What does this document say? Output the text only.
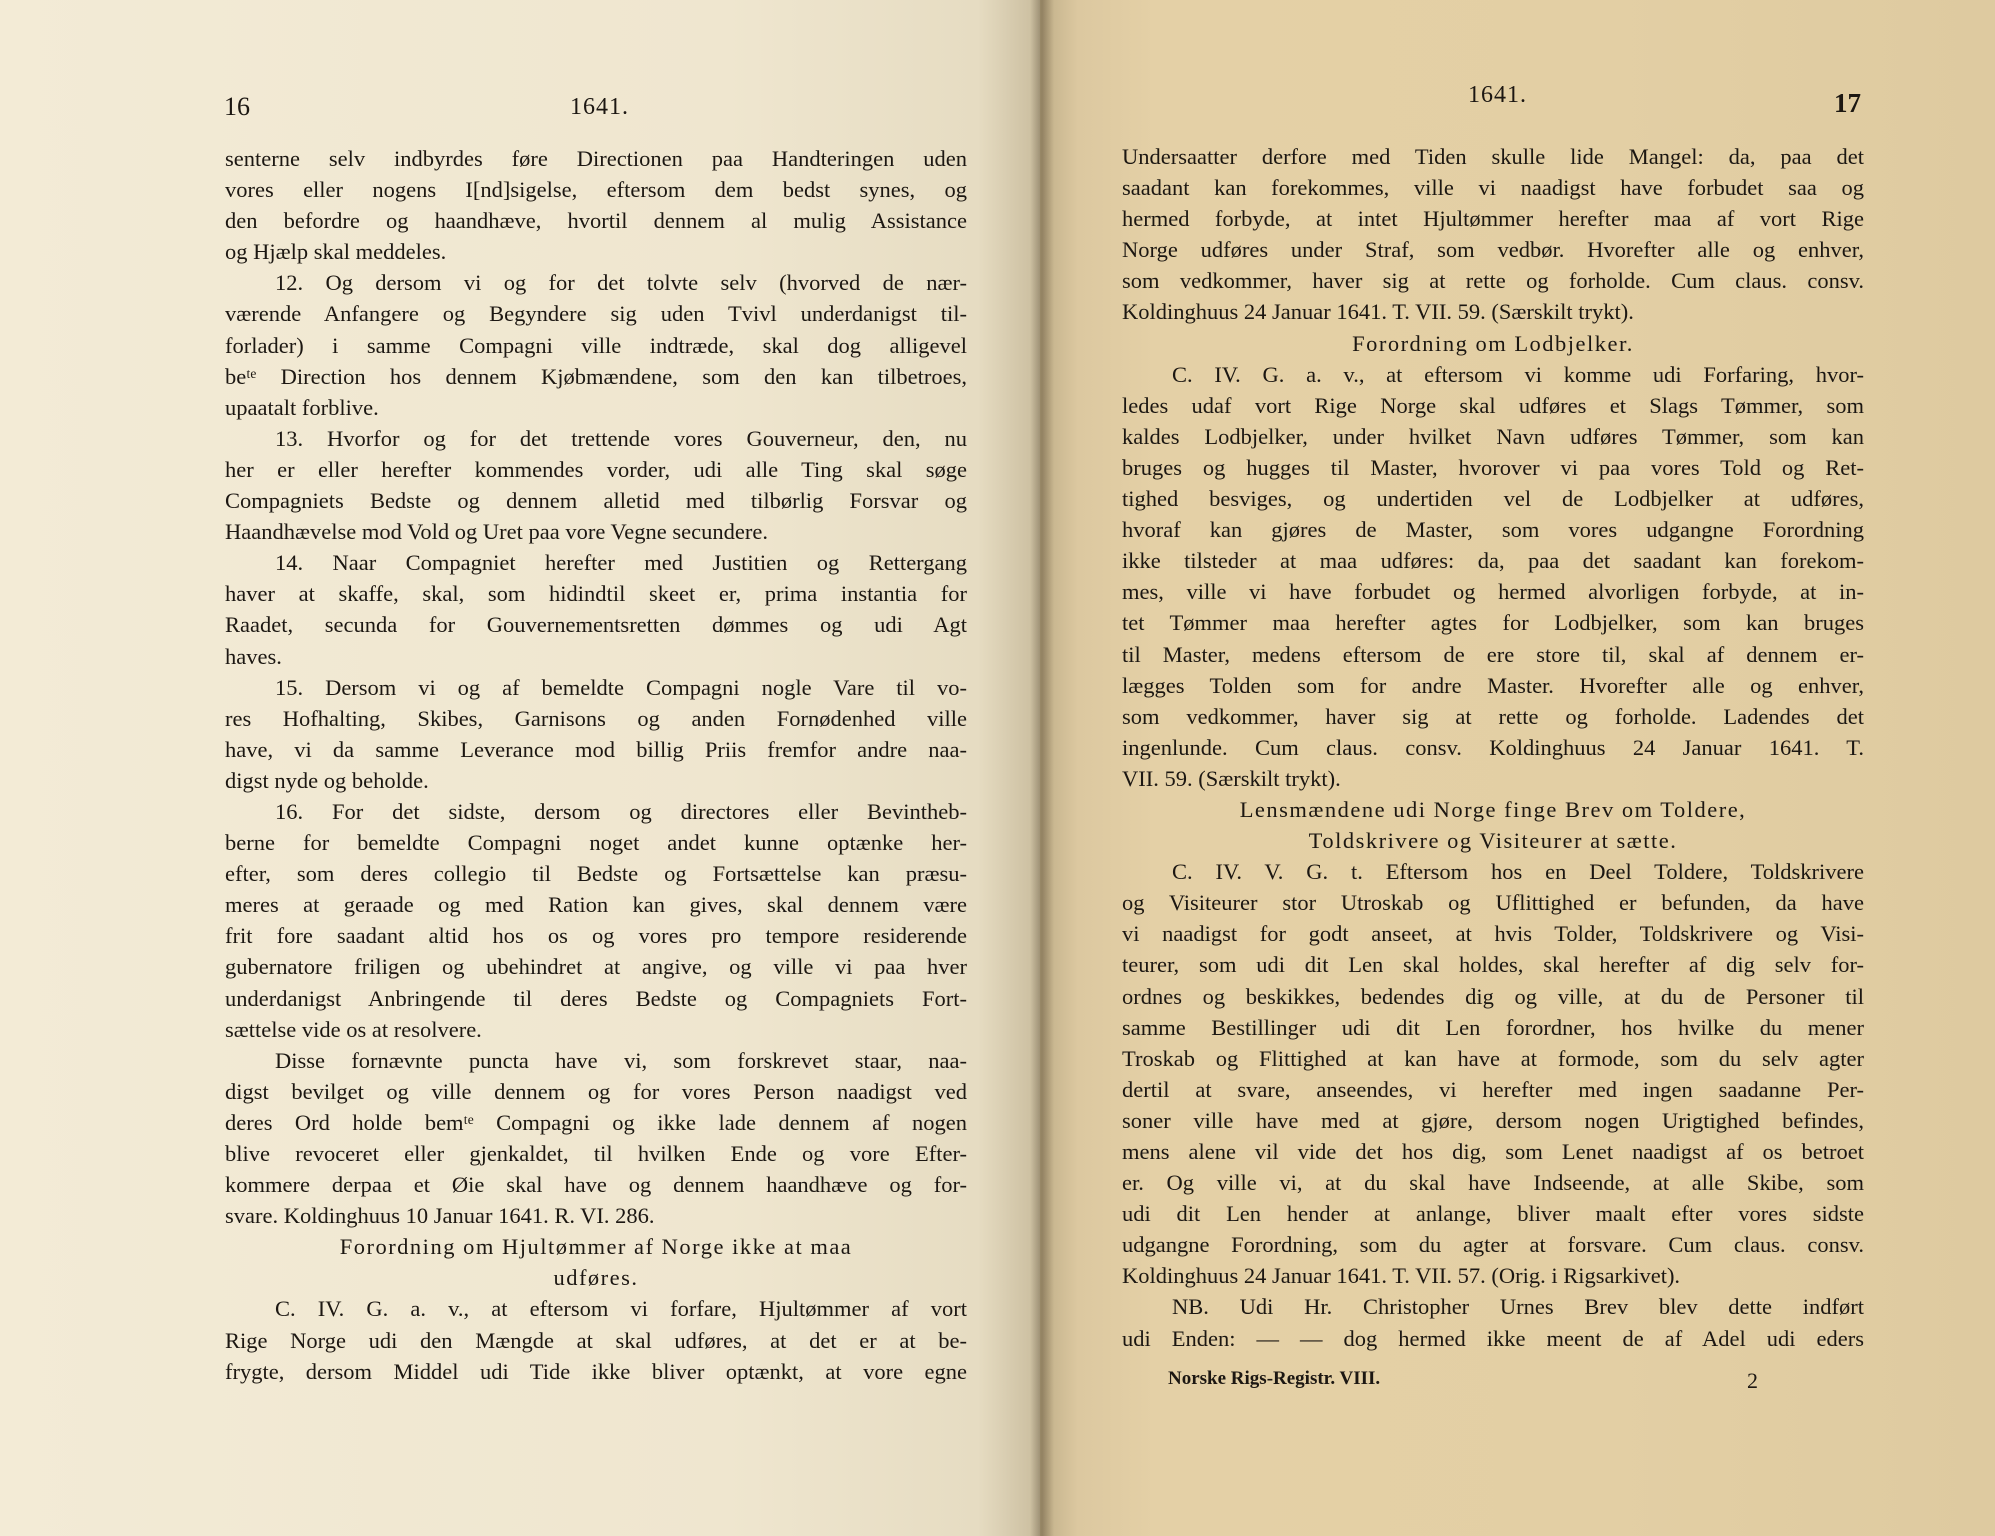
16	1641.
senterne selv indbyrdes føre Directionen paa Handteringen uden
vores eller nogens I[nd]sigelse, eftersom dem bedst synes, og
den befordre og haandhæve, hvortil dennem al mulig Assistance
og Hjælp skal meddeles.
12. Og dersom vi og for det tolvte selv (hvorved de nær-
værende Anfangere og Begyndere sig uden Tvivl underdanigst til-
forlader) i samme Compagni ville indtræde, skal dog alligevel
beᵗᵉ Direction hos dennem Kjøbmændene, som den kan tilbetroes,
upaatalt forblive.
13. Hvorfor og for det trettende vores Gouverneur, den, nu
her er eller herefter kommendes vorder, udi alle Ting skal søge
Compagniets Bedste og dennem alletid med tilbørlig Forsvar og
Haandhævelse mod Vold og Uret paa vore Vegne secundere.
14. Naar Compagniet herefter med Justitien og Rettergang
haver at skaffe, skal, som hidindtil skeet er, prima instantia for
Raadet, secunda for Gouvernementsretten dømmes og udi Agt
haves.
15. Dersom vi og af bemeldte Compagni nogle Vare til vo-
res Hofhalting, Skibes, Garnisons og anden Fornødenhed ville
have, vi da samme Leverance mod billig Priis fremfor andre naa-
digst nyde og beholde.
16. For det sidste, dersom og directores eller Bevintheb-
berne for bemeldte Compagni noget andet kunne optænke her-
efter, som deres collegio til Bedste og Fortsættelse kan præsu-
meres at geraade og med Ration kan gives, skal dennem være
frit fore saadant altid hos os og vores pro tempore residerende
gubernatore friligen og ubehindret at angive, og ville vi paa hver
underdanigst Anbringende til deres Bedste og Compagniets Fort-
sættelse vide os at resolvere.
Disse fornævnte puncta have vi, som forskrevet staar, naa-
digst bevilget og ville dennem og for vores Person naadigst ved
deres Ord holde bemᵗᵉ Compagni og ikke lade dennem af nogen
blive revoceret eller gjenkaldet, til hvilken Ende og vore Efter-
kommere derpaa et Øie skal have og dennem haandhæve og for-
svare. Koldinghuus 10 Januar 1641. R. VI. 286.
Forordning om Hjultømmer af Norge ikke at maa
udføres.
C. IV. G. a. v., at eftersom vi forfare, Hjultømmer af vort
Rige Norge udi den Mængde at skal udføres, at det er at be-
frygte, dersom Middel udi Tide ikke bliver optænkt, at vore egne
1641.	17
Undersaatter derfore med Tiden skulle lide Mangel: da, paa det
saadant kan forekommes, ville vi naadigst have forbudet saa og
hermed forbyde, at intet Hjultømmer herefter maa af vort Rige
Norge udføres under Straf, som vedbør. Hvorefter alle og enhver,
som vedkommer, haver sig at rette og forholde. Cum claus. consv.
Koldinghuus 24 Januar 1641. T. VII. 59. (Særskilt trykt).
Forordning om Lodbjelker.
C. IV. G. a. v., at eftersom vi komme udi Forfaring, hvor-
ledes udaf vort Rige Norge skal udføres et Slags Tømmer, som
kaldes Lodbjelker, under hvilket Navn udføres Tømmer, som kan
bruges og hugges til Master, hvorover vi paa vores Told og Ret-
tighed besviges, og undertiden vel de Lodbjelker at udføres,
hvoraf kan gjøres de Master, som vores udgangne Forordning
ikke tilsteder at maa udføres: da, paa det saadant kan forekom-
mes, ville vi have forbudet og hermed alvorligen forbyde, at in-
tet Tømmer maa herefter agtes for Lodbjelker, som kan bruges
til Master, medens eftersom de ere store til, skal af dennem er-
lægges Tolden som for andre Master. Hvorefter alle og enhver,
som vedkommer, haver sig at rette og forholde. Ladendes det
ingenlunde. Cum claus. consv. Koldinghuus 24 Januar 1641. T.
VII. 59. (Særskilt trykt).
Lensmændene udi Norge finge Brev om Toldere,
Toldskrivere og Visiteurer at sætte.
C. IV. V. G. t. Eftersom hos en Deel Toldere, Toldskrivere
og Visiteurer stor Utroskab og Uflittighed er befunden, da have
vi naadigst for godt anseet, at hvis Tolder, Toldskrivere og Visi-
teurer, som udi dit Len skal holdes, skal herefter af dig selv for-
ordnes og beskikkes, bedendes dig og ville, at du de Personer til
samme Bestillinger udi dit Len forordner, hos hvilke du mener
Troskab og Flittighed at kan have at formode, som du selv agter
dertil at svare, anseendes, vi herefter med ingen saadanne Per-
soner ville have med at gjøre, dersom nogen Urigtighed befindes,
mens alene vil vide det hos dig, som Lenet naadigst af os betroet
er. Og ville vi, at du skal have Indseende, at alle Skibe, som
udi dit Len hender at anlange, bliver maalt efter vores sidste
udgangne Forordning, som du agter at forsvare. Cum claus. consv.
Koldinghuus 24 Januar 1641. T. VII. 57. (Orig. i Rigsarkivet).
NB. Udi Hr. Christopher Urnes Brev blev dette indført
udi Enden: — — dog hermed ikke meent de af Adel udi eders
Norske Rigs-Registr. VIII.	2
